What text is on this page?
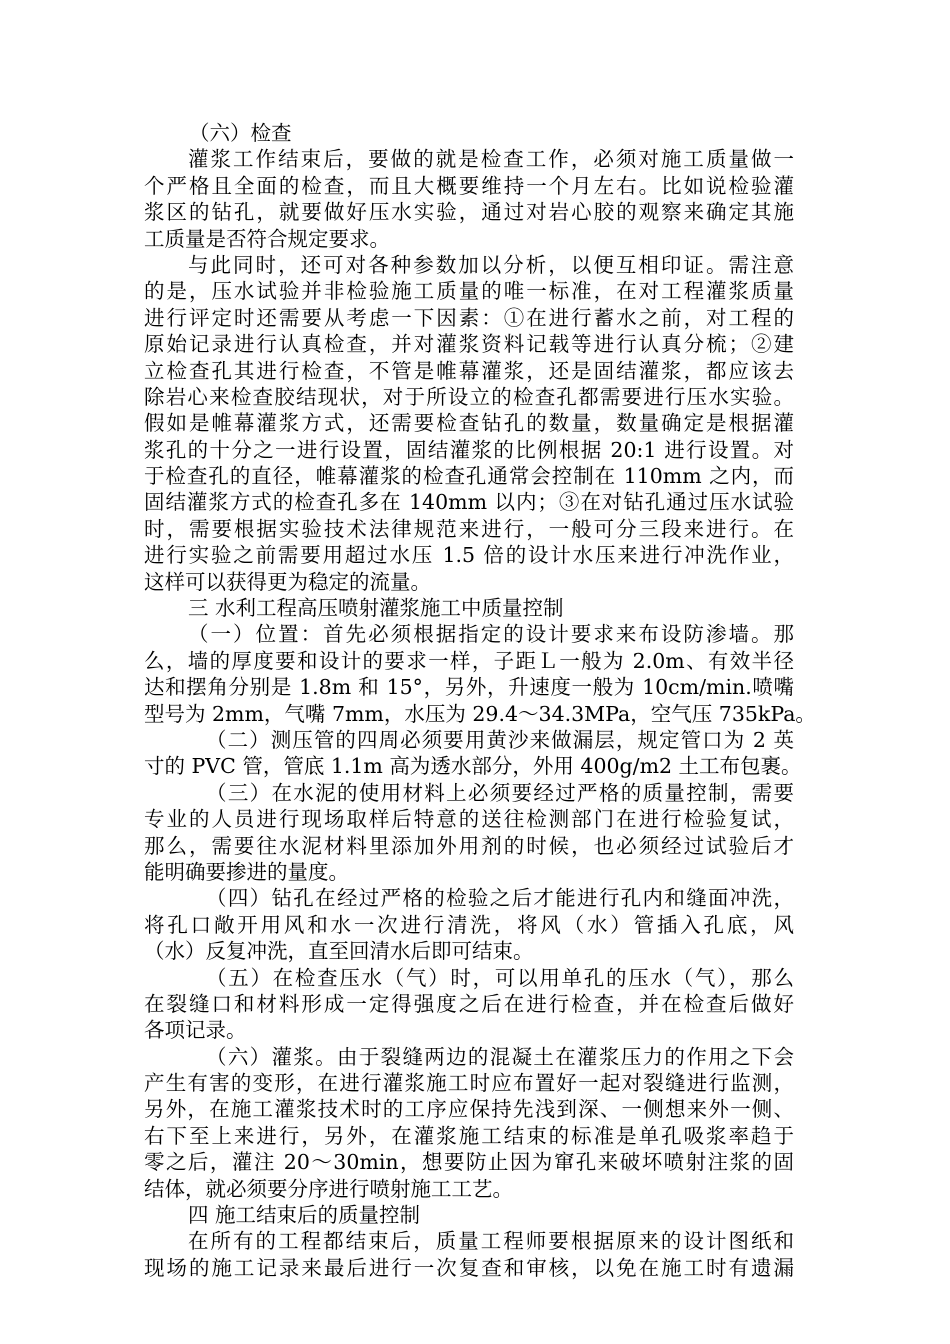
（六）检查
灌浆工作结束后，要做的就是检查工作，必须对施工质量做一
个严格且全面的检查，而且大概要维持一个月左右。比如说检验灌
浆区的钻孔，就要做好压水实验，通过对岩心胶的观察来确定其施
工质量是否符合规定要求。
与此同时，还可对各种参数加以分析，以便互相印证。需注意
的是，压水试验并非检验施工质量的唯一标准，在对工程灌浆质量
进行评定时还需要从考虑一下因素：①在进行蓄水之前，对工程的
原始记录进行认真检查，并对灌浆资料记载等进行认真分梳；②建
立检查孔其进行检查，不管是帷幕灌浆，还是固结灌浆，都应该去
除岩心来检查胶结现状，对于所设立的检查孔都需要进行压水实验。
假如是帷幕灌浆方式，还需要检查钻孔的数量，数量确定是根据灌
浆孔的十分之一进行设置，固结灌浆的比例根据 20:1 进行设置。对
于检查孔的直径，帷幕灌浆的检查孔通常会控制在 110mm 之内，而
固结灌浆方式的检查孔多在 140mm 以内；③在对钻孔通过压水试验
时，需要根据实验技术法律规范来进行，一般可分三段来进行。在
进行实验之前需要用超过水压 1.5 倍的设计水压来进行冲洗作业，
这样可以获得更为稳定的流量。
三 水利工程高压喷射灌浆施工中质量控制
（一）位置：首先必须根据指定的设计要求来布设防渗墙。那
么，墙的厚度要和设计的要求一样，子距Ｌ一般为 2.0m、有效半径
达和摆角分别是 1.8m 和 15°，另外，升速度一般为 10cm/min.喷嘴
型号为 2mm，气嘴 7mm，水压为 29.4～34.3MPa，空气压 735kPa。
（二）测压管的四周必须要用黄沙来做漏层，规定管口为 2 英
寸的 PVC 管，管底 1.1m 高为透水部分，外用 400g/m2 土工布包裹。
（三）在水泥的使用材料上必须要经过严格的质量控制，需要
专业的人员进行现场取样后特意的送往检测部门在进行检验复试，
那么，需要往水泥材料里添加外用剂的时候，也必须经过试验后才
能明确要掺进的量度。
（四）钻孔在经过严格的检验之后才能进行孔内和缝面冲洗，
将孔口敞开用风和水一次进行清洗，将风（水）管插入孔底，风
（水）反复冲洗，直至回清水后即可结束。
（五）在检查压水（气）时，可以用单孔的压水（气），那么
在裂缝口和材料形成一定得强度之后在进行检查，并在检查后做好
各项记录。
（六）灌浆。由于裂缝两边的混凝土在灌浆压力的作用之下会
产生有害的变形，在进行灌浆施工时应布置好一起对裂缝进行监测，
另外，在施工灌浆技术时的工序应保持先浅到深、一侧想来外一侧、
右下至上来进行，另外，在灌浆施工结束的标准是单孔吸浆率趋于
零之后，灌注 20～30min，想要防止因为窜孔来破坏喷射注浆的固
结体，就必须要分序进行喷射施工工艺。
四 施工结束后的质量控制
在所有的工程都结束后，质量工程师要根据原来的设计图纸和
现场的施工记录来最后进行一次复查和审核，以免在施工时有遗漏
